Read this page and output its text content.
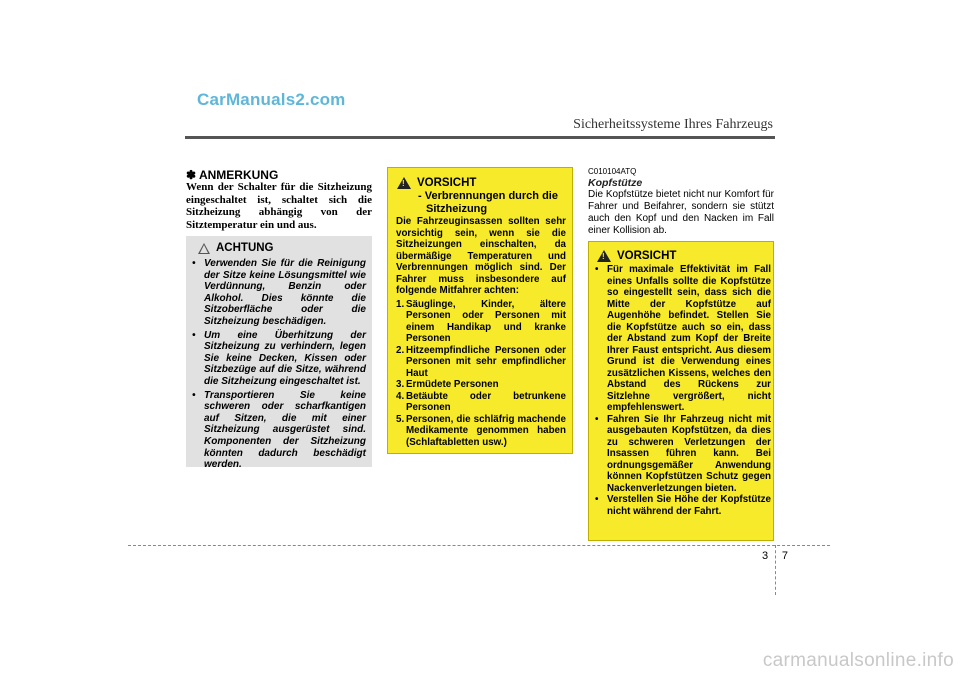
CarManuals2.com
Sicherheitssysteme Ihres Fahrzeugs
✽ ANMERKUNG
Wenn der Schalter für die Sitzheizung eingeschaltet ist, schaltet sich die Sitzheizung abhängig von der Sitztemperatur ein und aus.
ACHTUNG
• Verwenden Sie für die Reinigung der Sitze keine Lösungsmittel wie Verdünnung, Benzin oder Alkohol. Dies könnte die Sitzoberfläche oder die Sitzheizung beschädigen.
• Um eine Überhitzung der Sitzheizung zu verhindern, legen Sie keine Decken, Kissen oder Sitzbezüge auf die Sitze, während die Sitzheizung eingeschaltet ist.
• Transportieren Sie keine schweren oder scharfkantigen auf Sitzen, die mit einer Sitzheizung ausgerüstet sind. Komponenten der Sitzheizung könnten dadurch beschädigt werden.
!
VORSICHT
- Verbrennungen durch die Sitzheizung
Die Fahrzeuginsassen sollten sehr vorsichtig sein, wenn sie die Sitzheizungen einschalten, da übermäßige Temperaturen und Verbrennungen möglich sind. Der Fahrer muss insbesondere auf folgende Mitfahrer achten:
1. Säuglinge, Kinder, ältere Personen oder Personen mit einem Handikap und kranke Personen
2. Hitzeempfindliche Personen oder Personen mit sehr empfindlicher Haut
3. Ermüdete Personen
4. Betäubte oder betrunkene Personen
5. Personen, die schläfrig machende Medikamente genommen haben (Schlaftabletten usw.)
C010104ATQ
Kopfstütze
Die Kopfstütze bietet nicht nur Komfort für Fahrer und Beifahrer, sondern sie stützt auch den Kopf und den Nacken im Fall einer Kollision ab.
!
VORSICHT
• Für maximale Effektivität im Fall eines Unfalls sollte die Kopfstütze so eingestellt sein, dass sich die Mitte der Kopfstütze auf Augenhöhe befindet. Stellen Sie die Kopfstütze auch so ein, dass der Abstand zum Kopf der Breite Ihrer Faust entspricht. Aus diesem Grund ist die Verwendung eines zusätzlichen Kissens, welches den Abstand des Rückens zur Sitzlehne vergrößert, nicht empfehlenswert.
• Fahren Sie Ihr Fahrzeug nicht mit ausgebauten Kopfstützen, da dies zu schweren Verletzungen der Insassen führen kann. Bei ordnungsgemäßer Anwendung können Kopfstützen Schutz gegen Nackenverletzungen bieten.
• Verstellen Sie Höhe der Kopfstütze nicht während der Fahrt.
3 7
carmanualsonline.info
